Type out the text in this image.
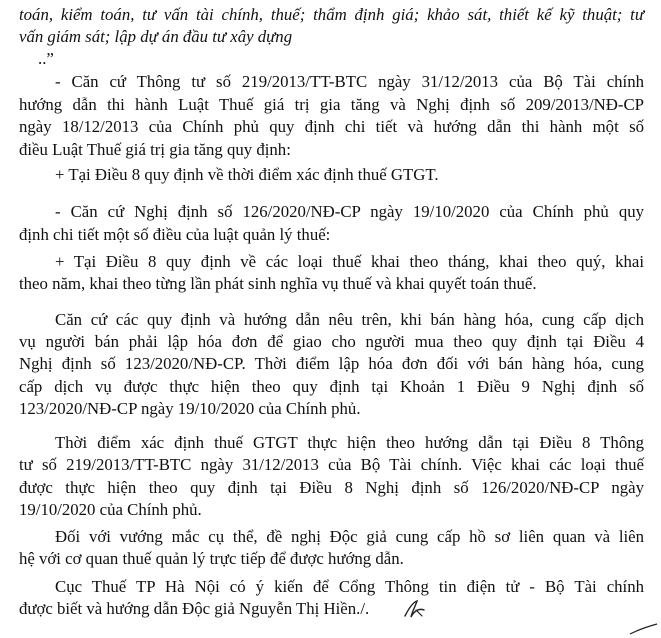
toán, kiểm toán, tư vấn tài chính, thuế; thẩm định giá; khảo sát, thiết kế kỹ thuật; tư
vấn giám sát; lập dự án đầu tư xây dựng
..”
- Căn cứ Thông tư số 219/2013/TT-BTC ngày 31/12/2013 của Bộ Tài chính
hướng dẫn thi hành Luật Thuế giá trị gia tăng và Nghị định số 209/2013/NĐ-CP
ngày 18/12/2013 của Chính phủ quy định chi tiết và hướng dẫn thi hành một số
điều Luật Thuế giá trị gia tăng quy định:
+ Tại Điều 8 quy định về thời điểm xác định thuế GTGT.
- Căn cứ Nghị định số 126/2020/NĐ-CP ngày 19/10/2020 của Chính phủ quy
định chi tiết một số điều của luật quản lý thuế:
+ Tại Điều 8 quy định về các loại thuế khai theo tháng, khai theo quý, khai
theo năm, khai theo từng lần phát sinh nghĩa vụ thuế và khai quyết toán thuế.
Căn cứ các quy định và hướng dẫn nêu trên, khi bán hàng hóa, cung cấp dịch
vụ người bán phải lập hóa đơn để giao cho người mua theo quy định tại Điều 4
Nghị định số 123/2020/NĐ-CP. Thời điểm lập hóa đơn đối với bán hàng hóa, cung
cấp dịch vụ được thực hiện theo quy định tại Khoản 1 Điều 9 Nghị định số
123/2020/NĐ-CP ngày 19/10/2020 của Chính phủ.
Thời điểm xác định thuế GTGT thực hiện theo hướng dẫn tại Điều 8 Thông
tư số 219/2013/TT-BTC ngày 31/12/2013 của Bộ Tài chính. Việc khai các loại thuế
được thực hiện theo quy định tại Điều 8 Nghị định số 126/2020/NĐ-CP ngày
19/10/2020 của Chính phủ.
Đối với vướng mắc cụ thể, đề nghị Độc giả cung cấp hồ sơ liên quan và liên
hệ với cơ quan thuế quản lý trực tiếp để được hướng dẫn.
Cục Thuế TP Hà Nội có ý kiến để Cổng Thông tin điện tử - Bộ Tài chính
được biết và hướng dẫn Độc giả Nguyễn Thị Hiền./.
